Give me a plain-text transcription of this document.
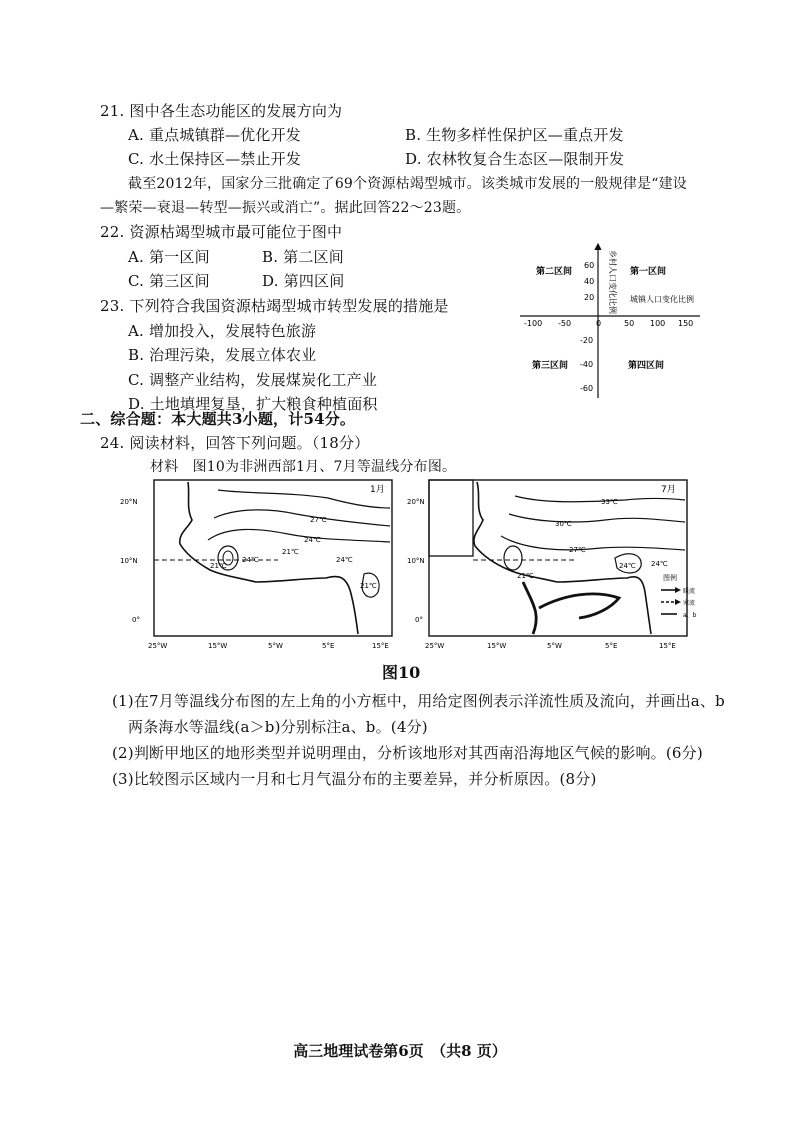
21. 图中各生态功能区的发展方向为
A. 重点城镇群—优化开发	B. 生物多样性保护区—重点开发
C. 水土保持区—禁止开发	D. 农林牧复合生态区—限制开发
截至2012年，国家分三批确定了69个资源枯竭型城市。该类城市发展的一般规律是“建设
—繁荣—衰退—转型—振兴或消亡”。据此回答22～23题。
22. 资源枯竭型城市最可能位于图中
A. 第一区间	B. 第二区间
C. 第三区间	D. 第四区间
23. 下列符合我国资源枯竭型城市转型发展的措施是
A. 增加投入，发展特色旅游
B. 治理污染，发展立体农业
C. 调整产业结构，发展煤炭化工产业
D. 土地填埋复垦，扩大粮食种植面积
乡村人口变化比例 城镇人口变化比例
-100 -50	0	50 100 150
60
40
20
-20
-40
-60
第一区间
第二区间
第三区间	第四区间
二、综合题：本大题共3小题，计54分。
24. 阅读材料，回答下列问题。（18分）
材料　图10为非洲西部1月、7月等温线分布图。
1月
21℃
24℃
27℃
24℃
21℃
21℃
24℃
20°N
10°N
0°
25°W	15°W	5°W	5°E	15°E
7月
33℃
30℃
27℃
24℃
21℃
24℃
20°N
10°N
0°
25°W	15°W	5°W	5°E	15°E
图例
暖流
寒流
a、b
图10
(1)在7月等温线分布图的左上角的小方框中，用给定图例表示洋流性质及流向，并画出a、b
两条海水等温线(a＞b)分别标注a、b。(4分)
(2)判断甲地区的地形类型并说明理由，分析该地形对其西南沿海地区气候的影响。(6分)
(3)比较图示区域内一月和七月气温分布的主要差异，并分析原因。(8分)
高三地理试卷第6页　（共8 页）
